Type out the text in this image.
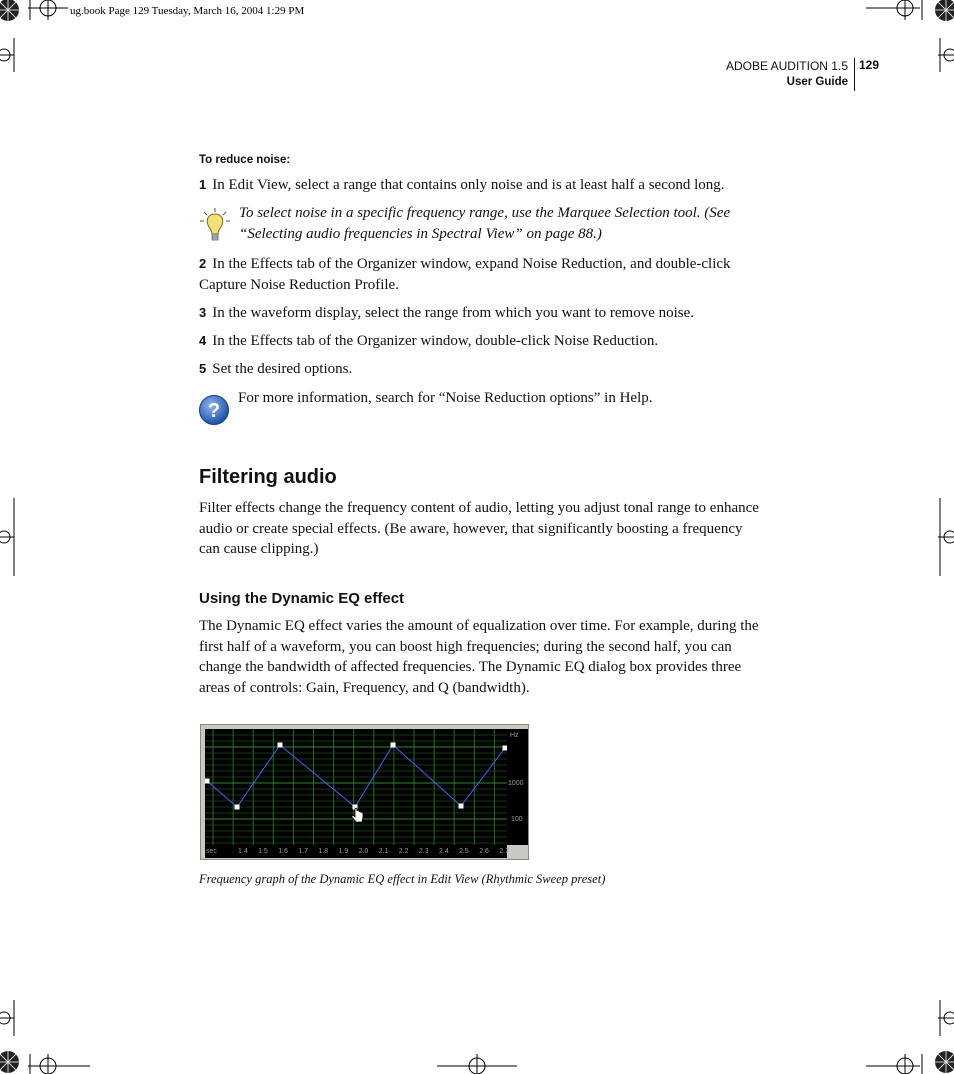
ug.book Page 129 Tuesday, March 16, 2004 1:29 PM
ADOBE AUDITION 1.5
User Guide
129
To reduce noise:
1 In Edit View, select a range that contains only noise and is at least half a second long.
To select noise in a specific frequency range, use the Marquee Selection tool. (See “Selecting audio frequencies in Spectral View” on page 88.)
2 In the Effects tab of the Organizer window, expand Noise Reduction, and double-click Capture Noise Reduction Profile.
3 In the waveform display, select the range from which you want to remove noise.
4 In the Effects tab of the Organizer window, double-click Noise Reduction.
5 Set the desired options.
?
For more information, search for “Noise Reduction options” in Help.
Filtering audio
Filter effects change the frequency content of audio, letting you adjust tonal range to enhance audio or create special effects. (Be aware, however, that significantly boosting a frequency can cause clipping.)
Using the Dynamic EQ effect
The Dynamic EQ effect varies the amount of equalization over time. For example, during the first half of a waveform, you can boost high frequencies; during the second half, you can change the bandwidth of affected frequencies. The Dynamic EQ dialog box provides three areas of controls: Gain, Frequency, and Q (bandwidth).
Hz
1000
100
sec	1.4 1.5 1.6 1.7 1.8 1.9 2.0 2.1 2.2 2.3 2.4 2.5 2.6 2.7
Frequency graph of the Dynamic EQ effect in Edit View (Rhythmic Sweep preset)
